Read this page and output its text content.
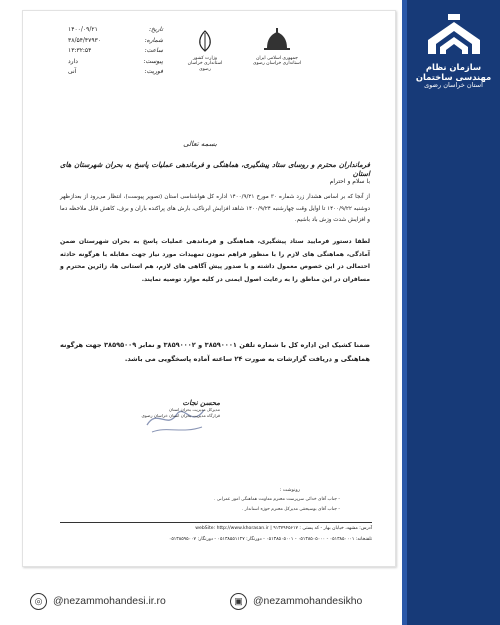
سازمان نظام مهندسی ساختمان
استان خراسان رضوی
تاریخ:
۱۴۰۰/۰۹/۲۱
شماره:
۳۸/۵۴/۴۷۹۳۰
ساعت:
۱۳:۳۲:۵۴
پیوست:
دارد
فوریت:
آنی
وزارت کشور
استانداری خراسان رضوی
جمهوری اسلامی ایران
استانداری خراسان رضوی
بسمه تعالی
فرمانداران محترم و روسای ستاد پیشگیری، هماهنگی و فرماندهی عملیات پاسخ به بحران شهرستان های استان
با سلام و احترام
از آنجا که بر اساس هشدار زرد شماره ۳۰ مورخ ۱۴۰۰/۹/۲۱ اداره کل هواشناسی استان (تصویر پیوست)، انتظار می‌رود از بعدازظهر دوشنبه ۱۴۰۰/۹/۲۲ تا اوایل وقت چهارشنبه ۱۴۰۰/۹/۲۴ شاهد افزایش ابرناکی، بارش های پراکنده باران و برف، کاهش قابل ملاحظه دما و افزایش شدت وزش باد باشیم.
لطفا دستور فرمایید ستاد پیشگیری، هماهنگی و فرماندهی عملیات پاسخ به بحران شهرستان ضمن آمادگی، هماهنگی های لازم را با منظور فراهم نمودن تمهیدات مورد نیاز جهت مقابله با هرگونه حادثه احتمالی در این خصوص معمول داشته و با صدور پیش آگاهی های لازم، هم استانی ها، زائرین محترم و مسافران در این مناطق را به رعایت اصول ایمنی در کلیه موارد توصیه نمایند.
ضمنا کشیک این اداره کل با شماره تلفن ۳۸۵۹۰۰۰۱ و ۳۸۵۹۰۰۰۲ و نمابر ۳۸۵۹۵۰۰۹ جهت هرگونه هماهنگی و دریافت گزارشات به صورت ۲۴ ساعته آماده پاسخگویی می باشد.
محسن نجات
مدیرکل مدیریت بحران استان
قرارگاه مدیریت بحران استان خراسان رضوی
رونوشت :
- جناب آقای خدائی سرپرست محترم معاونت هماهنگی امور عمرانی .
- جناب آقای بوسیحقی مدیرکل محترم حوزه استاندار .
آدرس: مشهد، خیابان بهار - کد پستی : ۹۱۳۷۹۴۵۶۱۷ | webSite: http://www.khorasan.ir
تلفنخانه: ۰۵۱۳۸۵۰۰۰۱ - ۰۵۱۳۸۵۰۵۰۰۰ - ۰۵۱۳۸۵۰۵۰۰۱ - دورنگار: ۰۵۱۳۸۵۵۱۱۲۷ - دورنگار: ۰۵۱۳۸۵۹۵۰۰۷
◎	@nezammohandesi.ir.ro	▣ @nezammohandesikho
